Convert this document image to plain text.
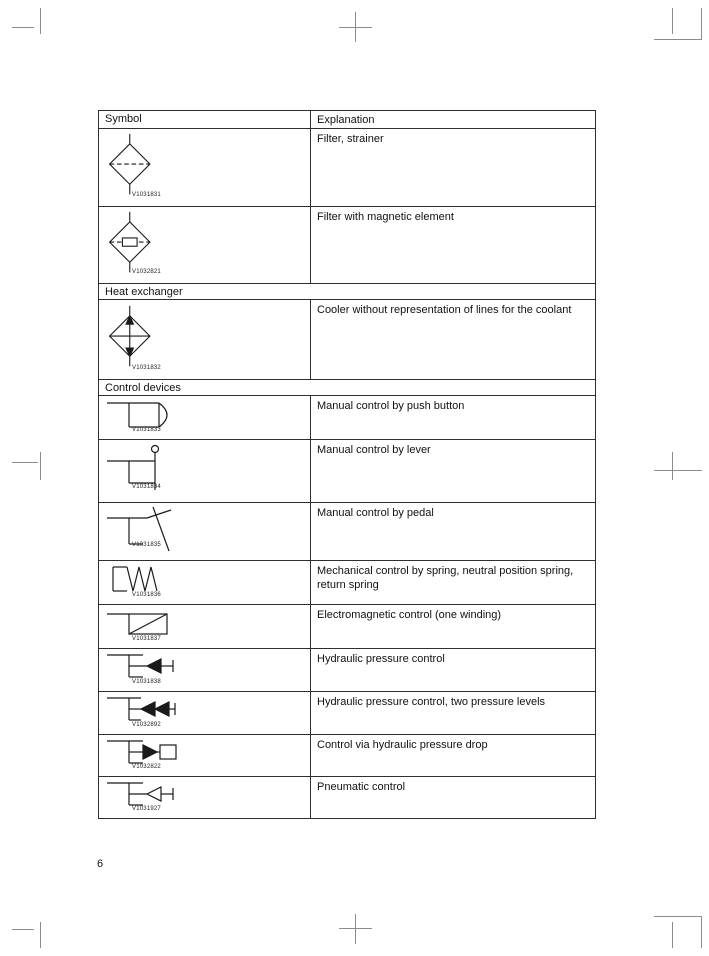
Symbol	Explanation
V1031831
Filter, strainer
V1032821
Filter with magnetic element
Heat exchanger
V1031832
Cooler without representation of lines for the coolant
Control devices
V1031833
Manual control by push button
V1031834
Manual control by lever
V1031835
Manual control by pedal
V1031836
Mechanical control by spring, neutral position spring, return spring
V1031837
Electromagnetic control (one winding)
V1031838
Hydraulic pressure control
V1032892
Hydraulic pressure control, two pressure levels
V1032822
Control via hydraulic pressure drop
V1031927
Pneumatic control
6
